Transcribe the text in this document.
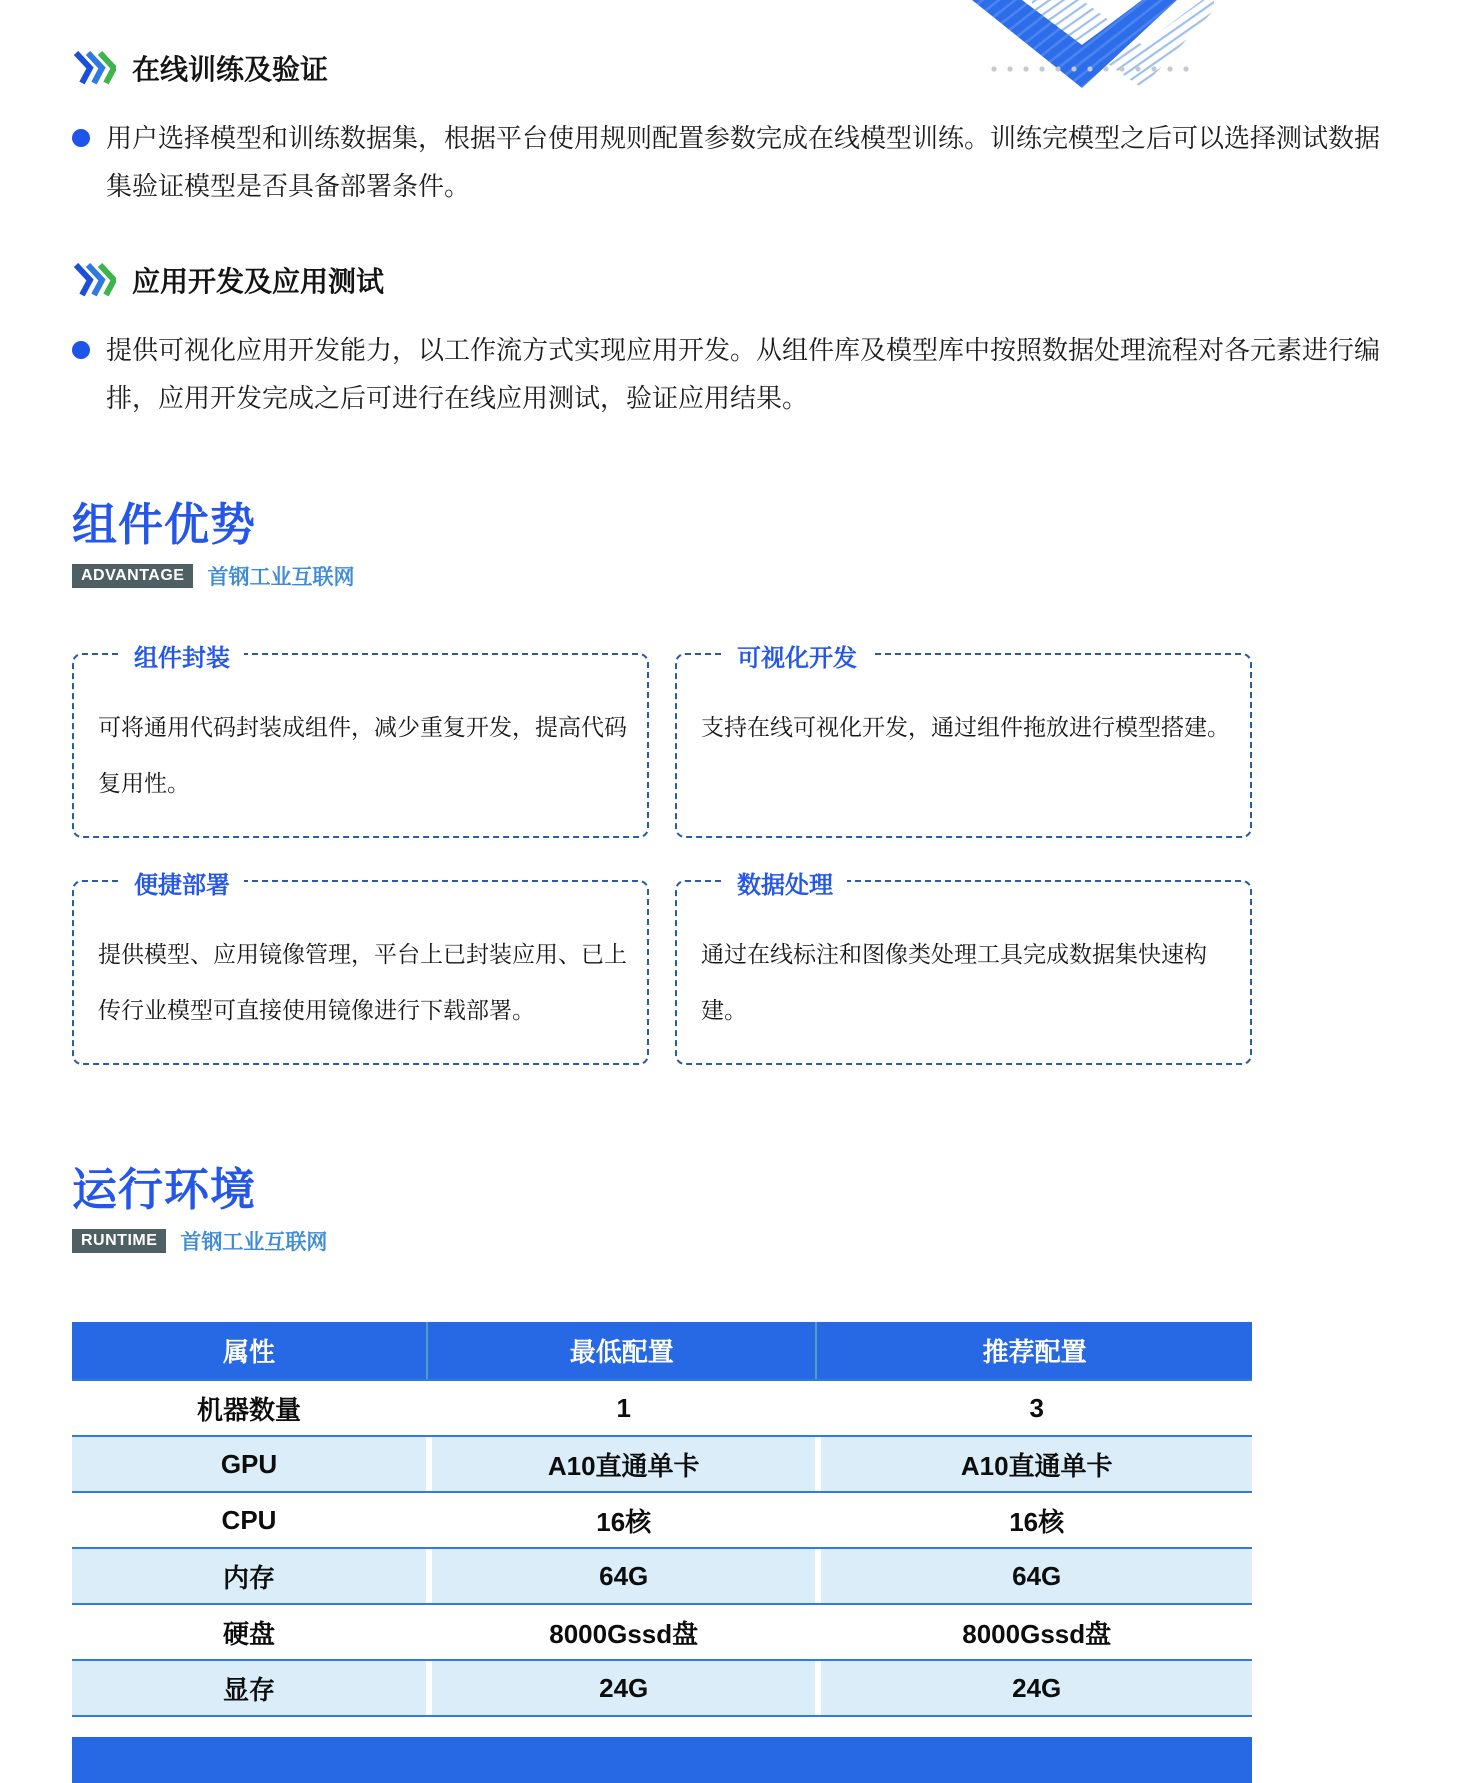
在线训练及验证
用户选择模型和训练数据集，根据平台使用规则配置参数完成在线模型训练。训练完模型之后可以选择测试数据集验证模型是否具备部署条件。
应用开发及应用测试
提供可视化应用开发能力，以工作流方式实现应用开发。从组件库及模型库中按照数据处理流程对各元素进行编排，应用开发完成之后可进行在线应用测试，验证应用结果。
组件优势
ADVANTAGE	首钢工业互联网
组件封装
可将通用代码封装成组件，减少重复开发，提高代码复用性。
可视化开发
支持在线可视化开发，通过组件拖放进行模型搭建。
便捷部署
提供模型、应用镜像管理，平台上已封装应用、已上传行业模型可直接使用镜像进行下载部署。
数据处理
通过在线标注和图像类处理工具完成数据集快速构建。
运行环境
RUNTIME	首钢工业互联网
属性	最低配置	推荐配置
机器数量	1	3
GPU	A10直通单卡	A10直通单卡
CPU	16核	16核
内存	64G	64G
硬盘	8000Gssd盘	8000Gssd盘
显存	24G	24G
